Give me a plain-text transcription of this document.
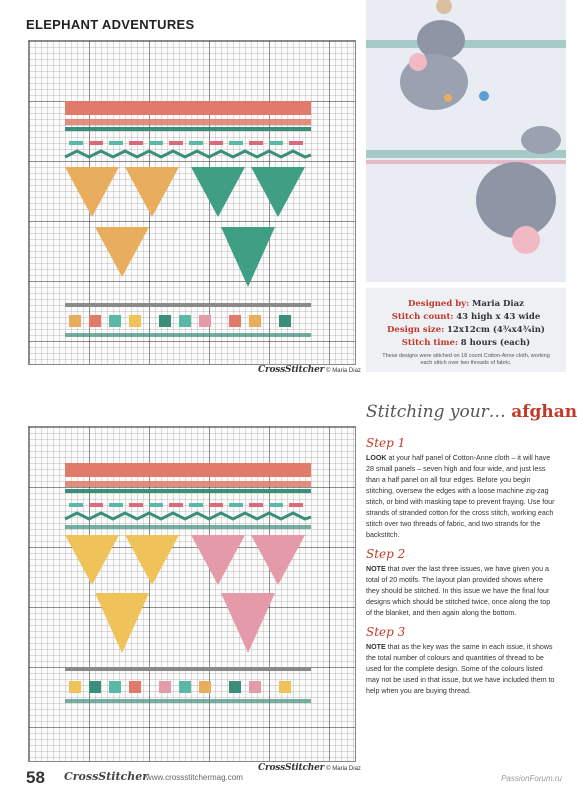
ELEPHANT ADVENTURES
CrossStitcher © Maria Diaz
CrossStitcher © Maria Diaz
Designed by: Maria Diaz
Stitch count: 43 high x 43 wide
Design size: 12x12cm (4¾x4¾in)
Stitch time: 8 hours (each)
These designs were stitched on 18 count Cotton-Anne cloth, working each stitch over two threads of fabric.
Stitching your… afghan
Step 1

LOOK at your half panel of Cotton-Anne cloth – it will have 28 small panels – seven high and four wide, and just less than a half panel on all four edges. Before you begin stitching, oversew the edges with a loose machine zig-zag stitch, or bind with masking tape to prevent fraying. Use four strands of stranded cotton for the cross stitch, working each stitch over two threads of fabric, and two strands for the backstitch.

Step 2

NOTE that over the last three issues, we have given you a total of 20 motifs. The layout plan provided shows where they should be stitched. In this issue we have the final four designs which should be stitched twice, once along the top of the blanket, and then again along the bottom.

Step 3

NOTE that as the key was the same in each issue, it shows the total number of colours and quantities of thread to be used for the complete design. Some of the colours listed may not be used in that issue, but we have included them to help when you are buying thread.

58 CrossStitcher
www.crossstitchermag.com	PassionForum.ru
